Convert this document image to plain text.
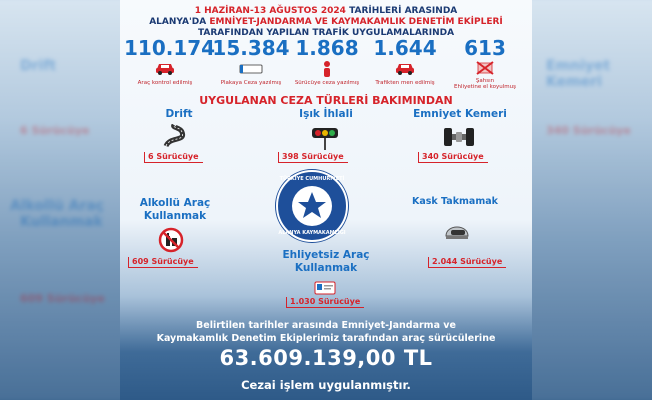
Drift
6 Sürücüye
Alkollü Araç
Kullanmak
609 Sürücüye
Emniyet Kemeri
340 Sürücüye
1 HAZİRAN-13 AĞUSTOS 2024 TARİHLERİ ARASINDA
ALANYA'DA EMNİYET-JANDARMA VE KAYMAKAMLIK DENETİM EKİPLERİ
TARAFINDAN YAPILAN TRAFİK UYGULAMALARINDA
110.174
Araç kontrol edilmiş
15.384
Plakaya Ceza yazılmış
1.868
Sürücüye ceza yazılmış
1.644
Trafikten men edilmiş
613
Şahsın
Ehliyetine el koyulmuş
UYGULANAN CEZA TÜRLERİ BAKIMINDAN
Drift
6 Sürücüye
Işık İhlali
398 Sürücüye
Emniyet Kemeri
340 Sürücüye
Alkollü Araç
Kullanmak
609 Sürücüye
TÜRKİYE CUMHURİYETİ
ALANYA KAYMAKAMLIĞI
Kask Takmamak
2.044 Sürücüye
Ehliyetsiz Araç
Kullanmak
1.030 Sürücüye
Belirtilen tarihler arasında Emniyet-Jandarma ve
Kaymakamlık Denetim Ekiplerimiz tarafından araç sürücülerine
63.609.139,00 TL
Cezai işlem uygulanmıştır.
